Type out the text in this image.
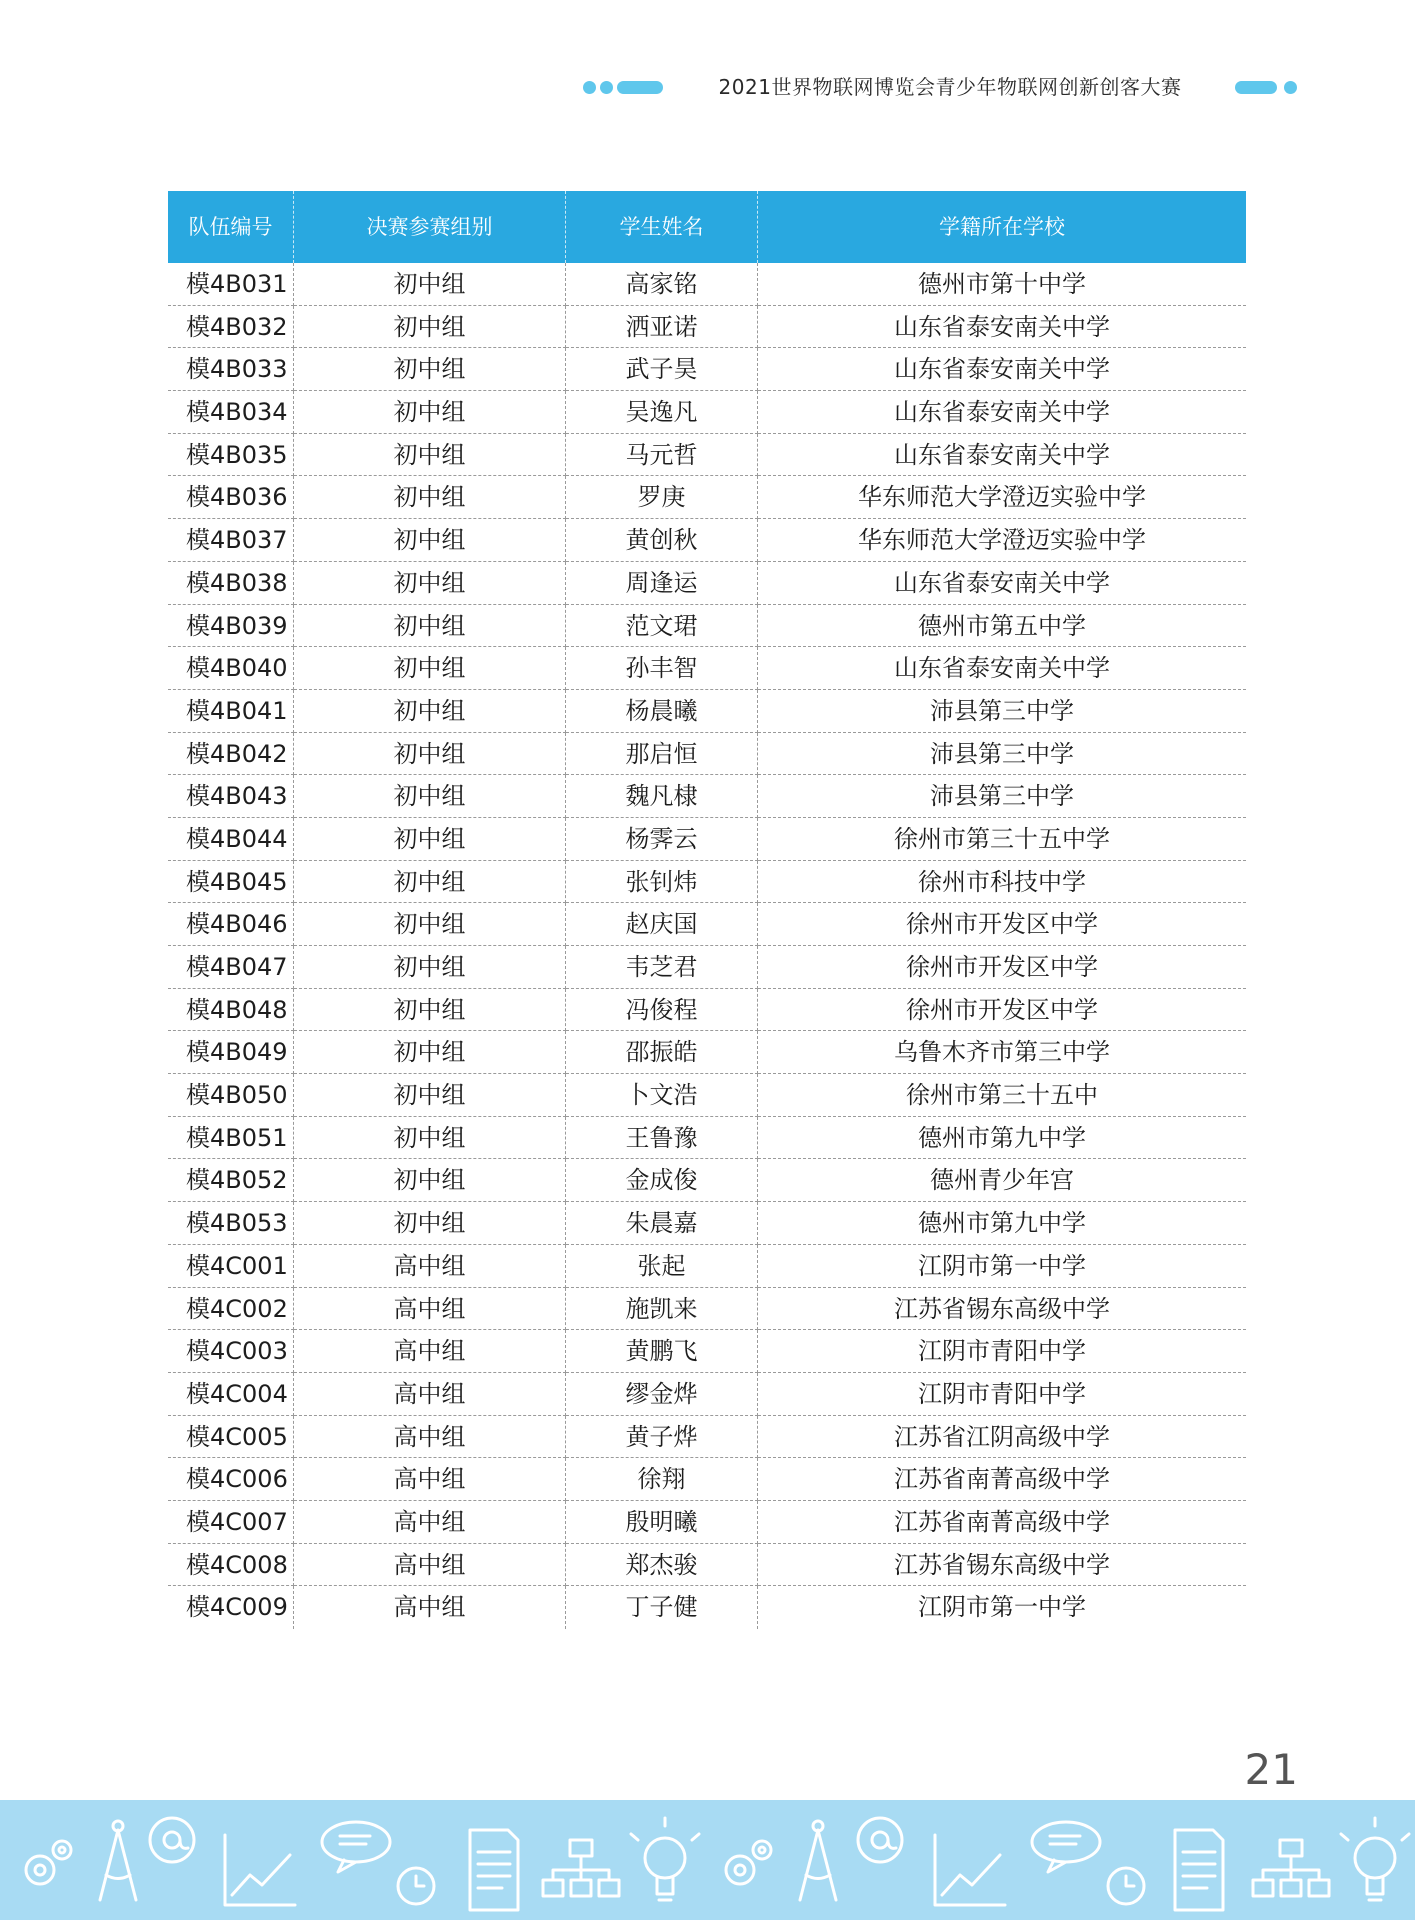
2021世界物联网博览会青少年物联网创新创客大赛
队伍编号	决赛参赛组别	学生姓名	学籍所在学校
模4B031	初中组	高家铭	德州市第十中学
模4B032	初中组	洒亚诺	山东省泰安南关中学
模4B033	初中组	武子昊	山东省泰安南关中学
模4B034	初中组	吴逸凡	山东省泰安南关中学
模4B035	初中组	马元哲	山东省泰安南关中学
模4B036	初中组	罗庚	华东师范大学澄迈实验中学
模4B037	初中组	黄创秋	华东师范大学澄迈实验中学
模4B038	初中组	周逢运	山东省泰安南关中学
模4B039	初中组	范文珺	德州市第五中学
模4B040	初中组	孙丰智	山东省泰安南关中学
模4B041	初中组	杨晨曦	沛县第三中学
模4B042	初中组	那启恒	沛县第三中学
模4B043	初中组	魏凡棣	沛县第三中学
模4B044	初中组	杨霁云	徐州市第三十五中学
模4B045	初中组	张钊炜	徐州市科技中学
模4B046	初中组	赵庆国	徐州市开发区中学
模4B047	初中组	韦芝君	徐州市开发区中学
模4B048	初中组	冯俊程	徐州市开发区中学
模4B049	初中组	邵振皓	乌鲁木齐市第三中学
模4B050	初中组	卜文浩	徐州市第三十五中
模4B051	初中组	王鲁豫	德州市第九中学
模4B052	初中组	金成俊	德州青少年宫
模4B053	初中组	朱晨嘉	德州市第九中学
模4C001	高中组	张起	江阴市第一中学
模4C002	高中组	施凯来	江苏省锡东高级中学
模4C003	高中组	黄鹏飞	江阴市青阳中学
模4C004	高中组	缪金烨	江阴市青阳中学
模4C005	高中组	黄子烨	江苏省江阴高级中学
模4C006	高中组	徐翔	江苏省南菁高级中学
模4C007	高中组	殷明曦	江苏省南菁高级中学
模4C008	高中组	郑杰骏	江苏省锡东高级中学
模4C009	高中组	丁子健	江阴市第一中学
21
